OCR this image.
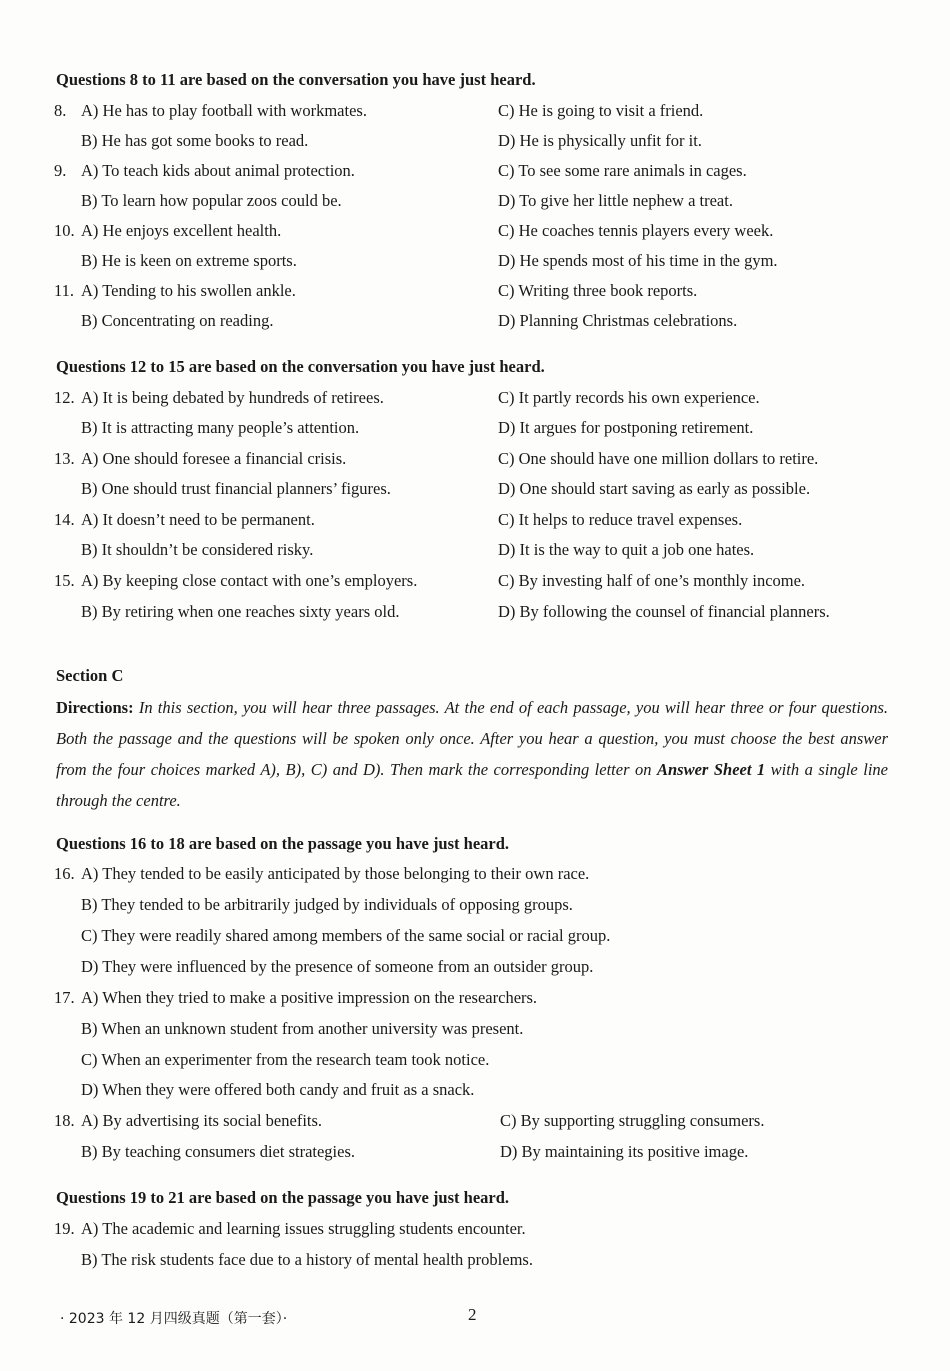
Questions 8 to 11 are based on the conversation you have just heard.
8. A) He has to play football with workmates.	C) He is going to visit a friend.
B) He has got some books to read.	D) He is physically unfit for it.
9. A) To teach kids about animal protection.	C) To see some rare animals in cages.
B) To learn how popular zoos could be.	D) To give her little nephew a treat.
10. A) He enjoys excellent health.	C) He coaches tennis players every week.
B) He is keen on extreme sports.	D) He spends most of his time in the gym.
11. A) Tending to his swollen ankle.	C) Writing three book reports.
B) Concentrating on reading.	D) Planning Christmas celebrations.
Questions 12 to 15 are based on the conversation you have just heard.
12. A) It is being debated by hundreds of retirees.	C) It partly records his own experience.
B) It is attracting many people’s attention.	D) It argues for postponing retirement.
13. A) One should foresee a financial crisis.	C) One should have one million dollars to retire.
B) One should trust financial planners’ figures.	D) One should start saving as early as possible.
14. A) It doesn’t need to be permanent.	C) It helps to reduce travel expenses.
B) It shouldn’t be considered risky.	D) It is the way to quit a job one hates.
15. A) By keeping close contact with one’s employers.	C) By investing half of one’s monthly income.
B) By retiring when one reaches sixty years old.	D) By following the counsel of financial planners.
Section C
Directions: In this section, you will hear three passages. At the end of each passage, you will hear three or four questions. Both the passage and the questions will be spoken only once. After you hear a question, you must choose the best answer from the four choices marked A), B), C) and D). Then mark the corresponding letter on Answer Sheet 1 with a single line through the centre.
Questions 16 to 18 are based on the passage you have just heard.
16. A) They tended to be easily anticipated by those belonging to their own race.
B) They tended to be arbitrarily judged by individuals of opposing groups.
C) They were readily shared among members of the same social or racial group.
D) They were influenced by the presence of someone from an outsider group.
17. A) When they tried to make a positive impression on the researchers.
B) When an unknown student from another university was present.
C) When an experimenter from the research team took notice.
D) When they were offered both candy and fruit as a snack.
18. A) By advertising its social benefits.	C) By supporting struggling consumers.
B) By teaching consumers diet strategies.	D) By maintaining its positive image.
Questions 19 to 21 are based on the passage you have just heard.
19. A) The academic and learning issues struggling students encounter.
B) The risk students face due to a history of mental health problems.
· 2023 年 12 月四级真题（第一套）·	2
